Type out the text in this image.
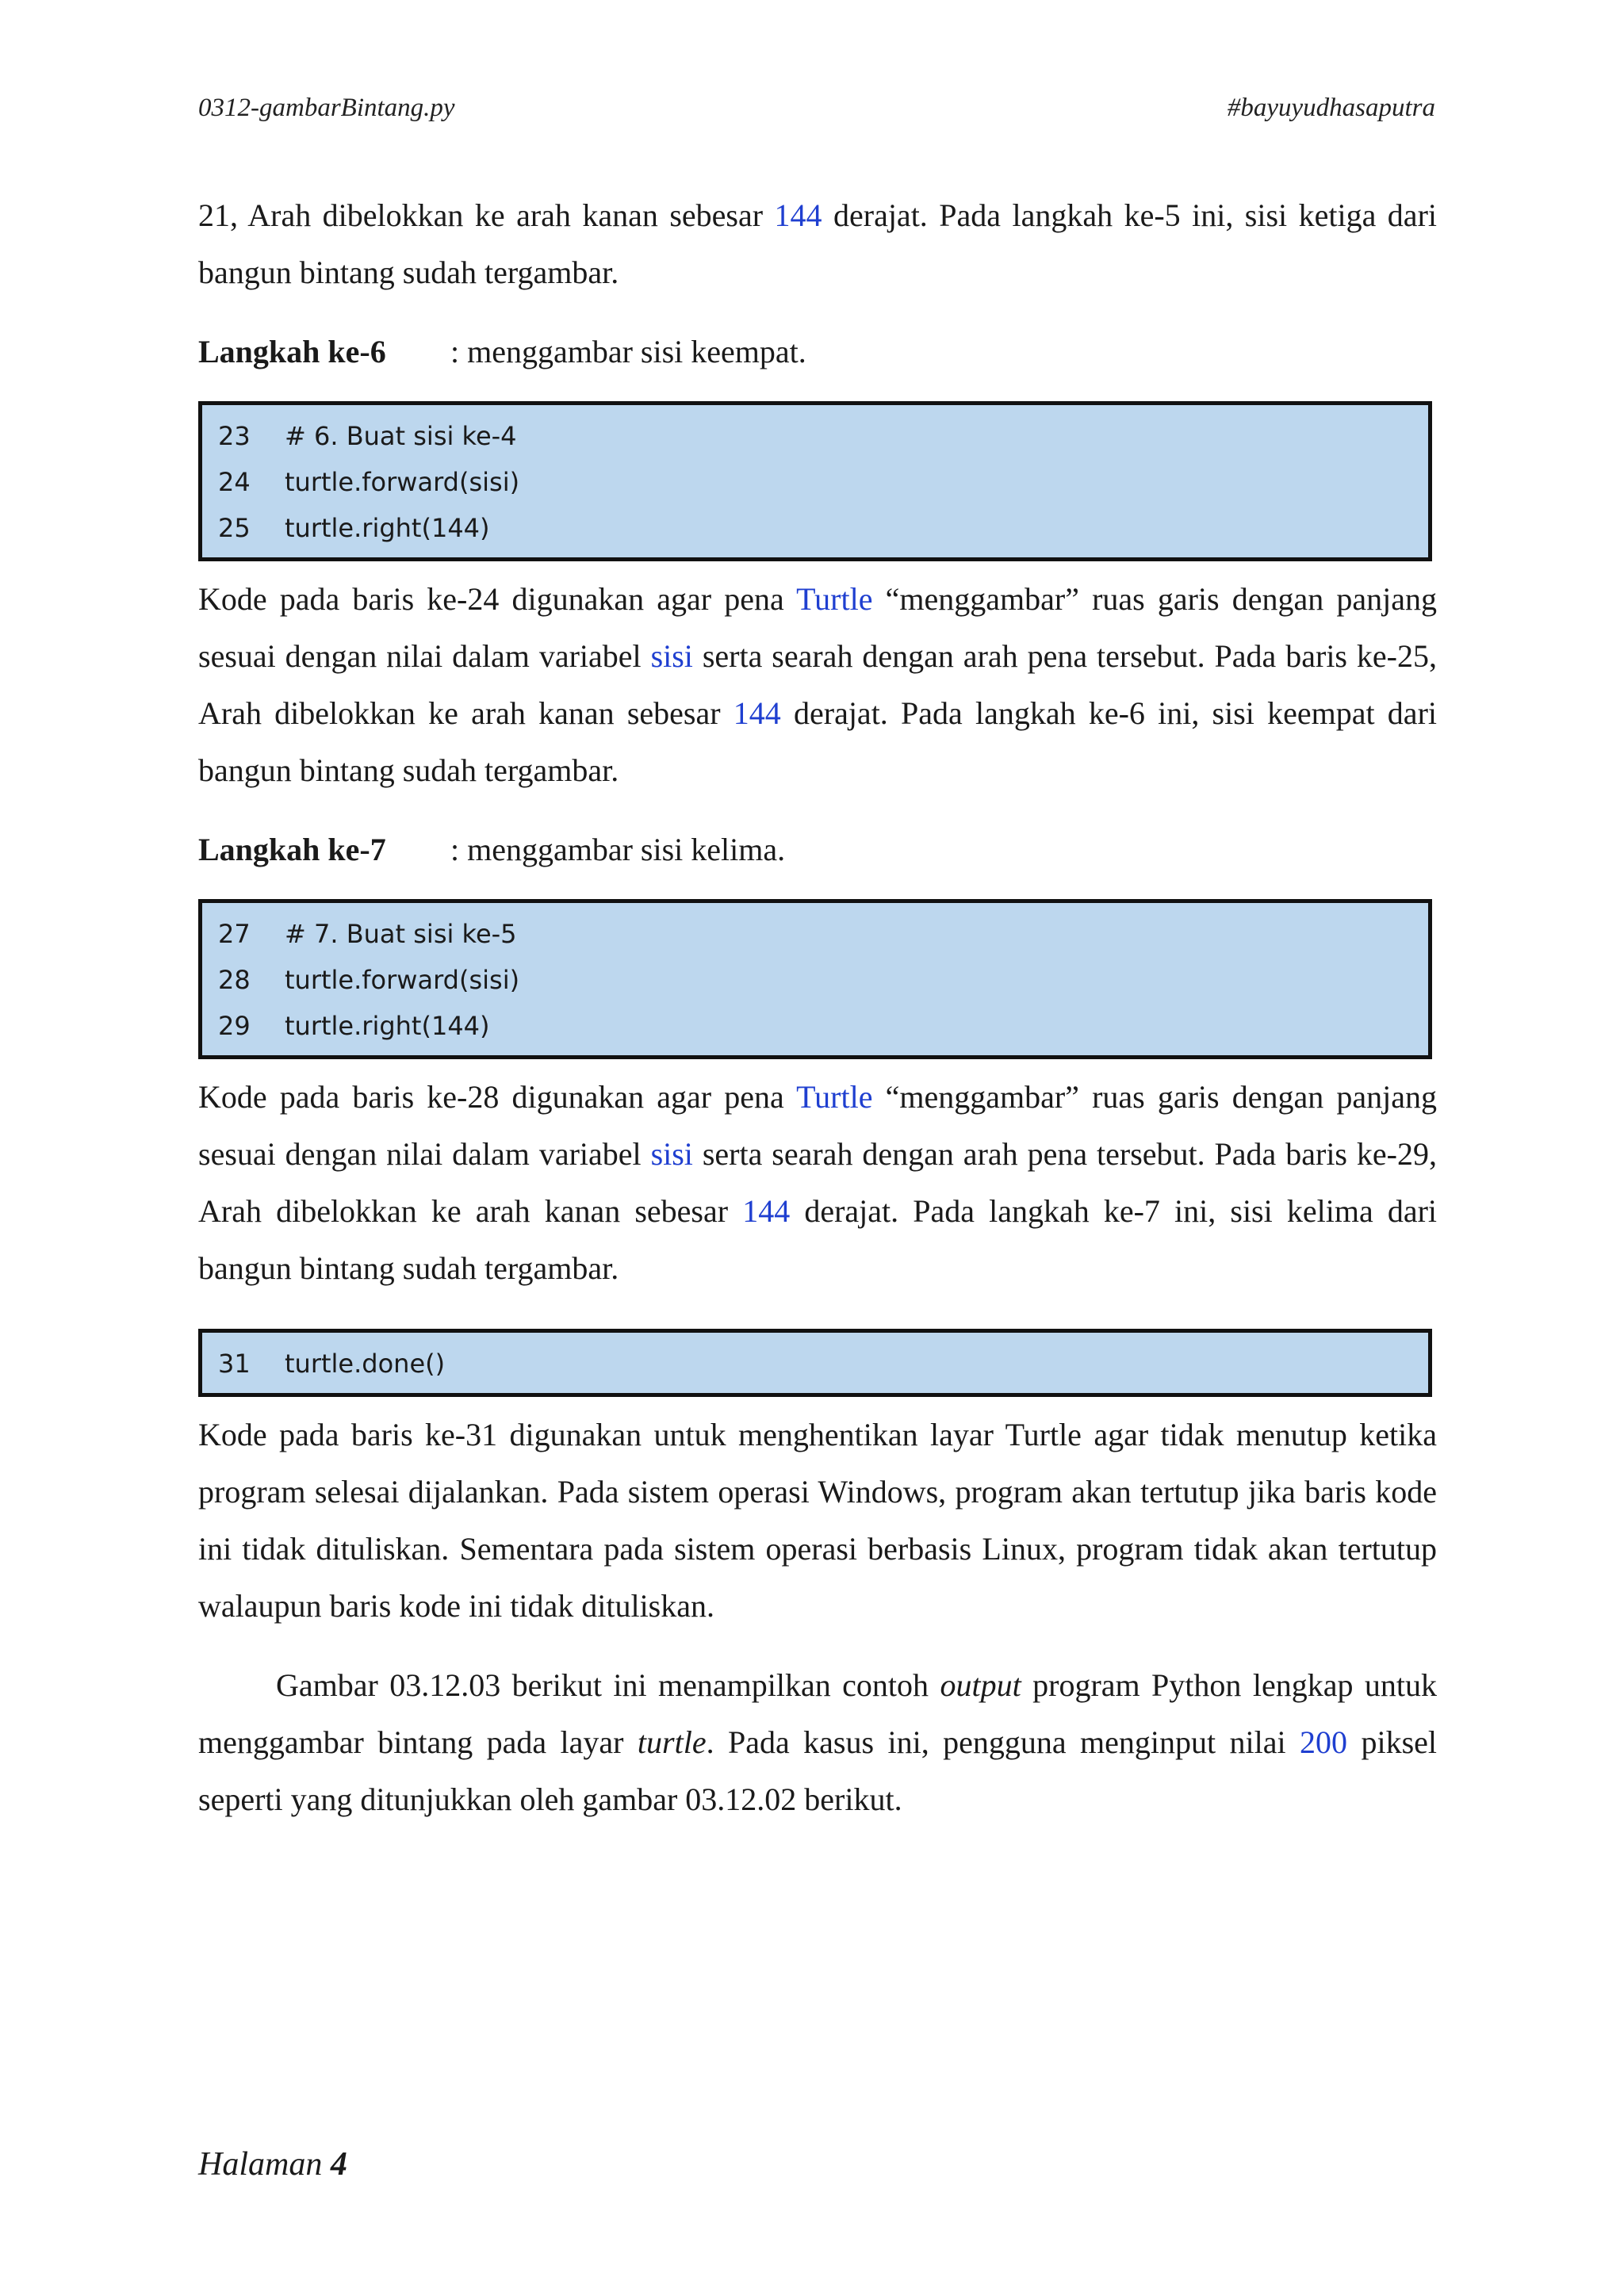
0312-gambarBintang.py	#bayuyudhasaputra

21, Arah dibelokkan ke arah kanan sebesar 144 derajat. Pada langkah ke-5 ini, sisi ketiga dari bangun bintang sudah tergambar.

Langkah ke-6	: menggambar sisi keempat.
23	# 6. Buat sisi ke-4
24	turtle.forward(sisi)
25	turtle.right(144)

Kode pada baris ke-24 digunakan agar pena Turtle “menggambar” ruas garis dengan panjang sesuai dengan nilai dalam variabel sisi serta searah dengan arah pena tersebut. Pada baris ke-25, Arah dibelokkan ke arah kanan sebesar 144 derajat. Pada langkah ke-6 ini, sisi keempat dari bangun bintang sudah tergambar.

Langkah ke-7	: menggambar sisi kelima.
27	# 7. Buat sisi ke-5
28	turtle.forward(sisi)
29	turtle.right(144)

Kode pada baris ke-28 digunakan agar pena Turtle “menggambar” ruas garis dengan panjang sesuai dengan nilai dalam variabel sisi serta searah dengan arah pena tersebut. Pada baris ke-29, Arah dibelokkan ke arah kanan sebesar 144 derajat. Pada langkah ke-7 ini, sisi kelima dari bangun bintang sudah tergambar.

31	turtle.done()

Kode pada baris ke-31 digunakan untuk menghentikan layar Turtle agar tidak menutup ketika program selesai dijalankan. Pada sistem operasi Windows, program akan tertutup jika baris kode ini tidak dituliskan. Sementara pada sistem operasi berbasis Linux, program tidak akan tertutup walaupun baris kode ini tidak dituliskan.

Gambar 03.12.03 berikut ini menampilkan contoh output program Python lengkap untuk menggambar bintang pada layar turtle. Pada kasus ini, pengguna menginput nilai 200 piksel seperti yang ditunjukkan oleh gambar 03.12.02 berikut.

Halaman 4
